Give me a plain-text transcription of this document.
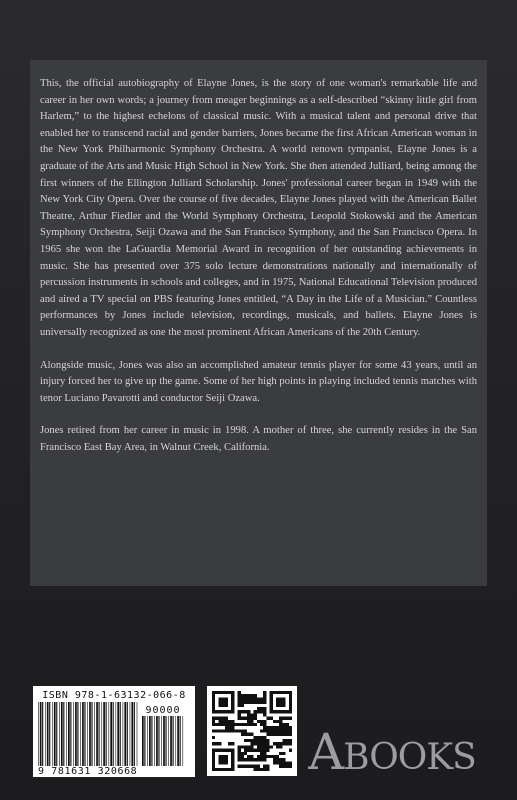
This, the official autobiography of Elayne Jones, is the story of one woman's remarkable life and career in her own words; a journey from meager beginnings as a self-described “skinny little girl from Harlem,” to the highest echelons of classical music. With a musical talent and personal drive that enabled her to transcend racial and gender barriers, Jones became the first African American woman in the New York Philharmonic Symphony Orchestra. A world renown tympanist, Elayne Jones is a graduate of the Arts and Music High School in New York. She then attended Julliard, being among the first winners of the Ellington Julliard Scholarship. Jones' professional career began in 1949 with the New York City Opera. Over the course of five decades, Elayne Jones played with the American Ballet Theatre, Arthur Fiedler and the World Symphony Orchestra, Leopold Stokowski and the American Symphony Orchestra, Seiji Ozawa and the San Francisco Symphony, and the San Francisco Opera. In 1965 she won the LaGuardia Memorial Award in recognition of her outstanding achievements in music. She has presented over 375 solo lecture demonstrations nationally and internationally of percussion instruments in schools and colleges, and in 1975, National Educational Television produced and aired a TV special on PBS featuring Jones entitled, “A Day in the Life of a Musician.” Countless performances by Jones include television, recordings, musicals, and ballets. Elayne Jones is universally recognized as one the most prominent African Americans of the 20th Century.

Alongside music, Jones was also an accomplished amateur tennis player for some 43 years, until an injury forced her to give up the game. Some of her high points in playing included tennis matches with tenor Luciano Pavarotti and conductor Seiji Ozawa.

Jones retired from her career in music in 1998. A mother of three, she currently resides in the San Francisco East Bay Area, in Walnut Creek, California.

ISBN 978-1-63132-066-8
90000
9 781631 320668	ABOOKS
